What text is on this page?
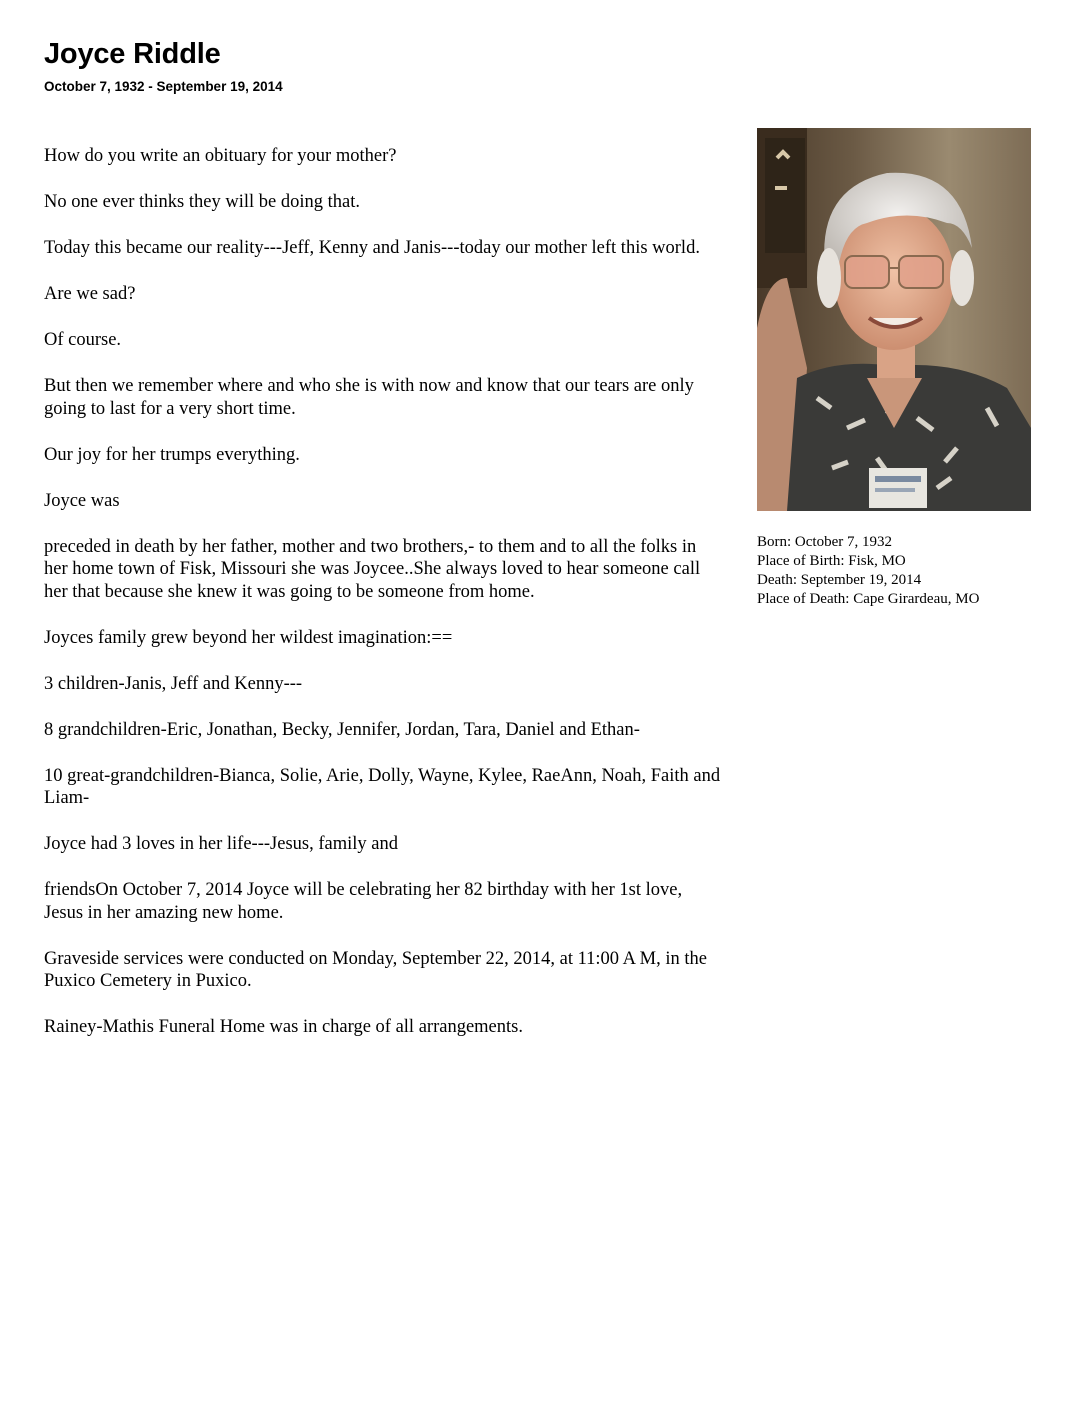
Joyce Riddle
October 7, 1932 - September 19, 2014

How do you write an obituary for your mother?

No one ever thinks they will be doing that.

Today this became our reality---Jeff, Kenny and Janis---today our mother left this world.

Are we sad?

Of course.

But then we remember where and who she is with now and know that our tears are only going to last for a very short time.

Our joy for her trumps everything.

Joyce was

preceded in death by her father, mother and two brothers,- to them and to all the folks in her home town of Fisk, Missouri she was Joycee..She always loved to hear someone call her that because she knew it was going to be someone from home.

Joyces family grew beyond her wildest imagination:==

3 children-Janis, Jeff and Kenny---

8 grandchildren-Eric, Jonathan, Becky, Jennifer, Jordan, Tara, Daniel and Ethan-

10 great-grandchildren-Bianca, Solie, Arie, Dolly, Wayne, Kylee, RaeAnn, Noah, Faith and Liam-

Joyce had 3 loves in her life---Jesus, family and

friendsOn October 7, 2014 Joyce will be celebrating her 82 birthday with her 1st love, Jesus in her amazing new home.

Graveside services were conducted on Monday, September 22, 2014, at 11:00 A M, in the Puxico Cemetery in Puxico.

Rainey-Mathis Funeral Home was in charge of all arrangements.

Born: October 7, 1932
Place of Birth: Fisk, MO
Death: September 19, 2014
Place of Death: Cape Girardeau, MO
